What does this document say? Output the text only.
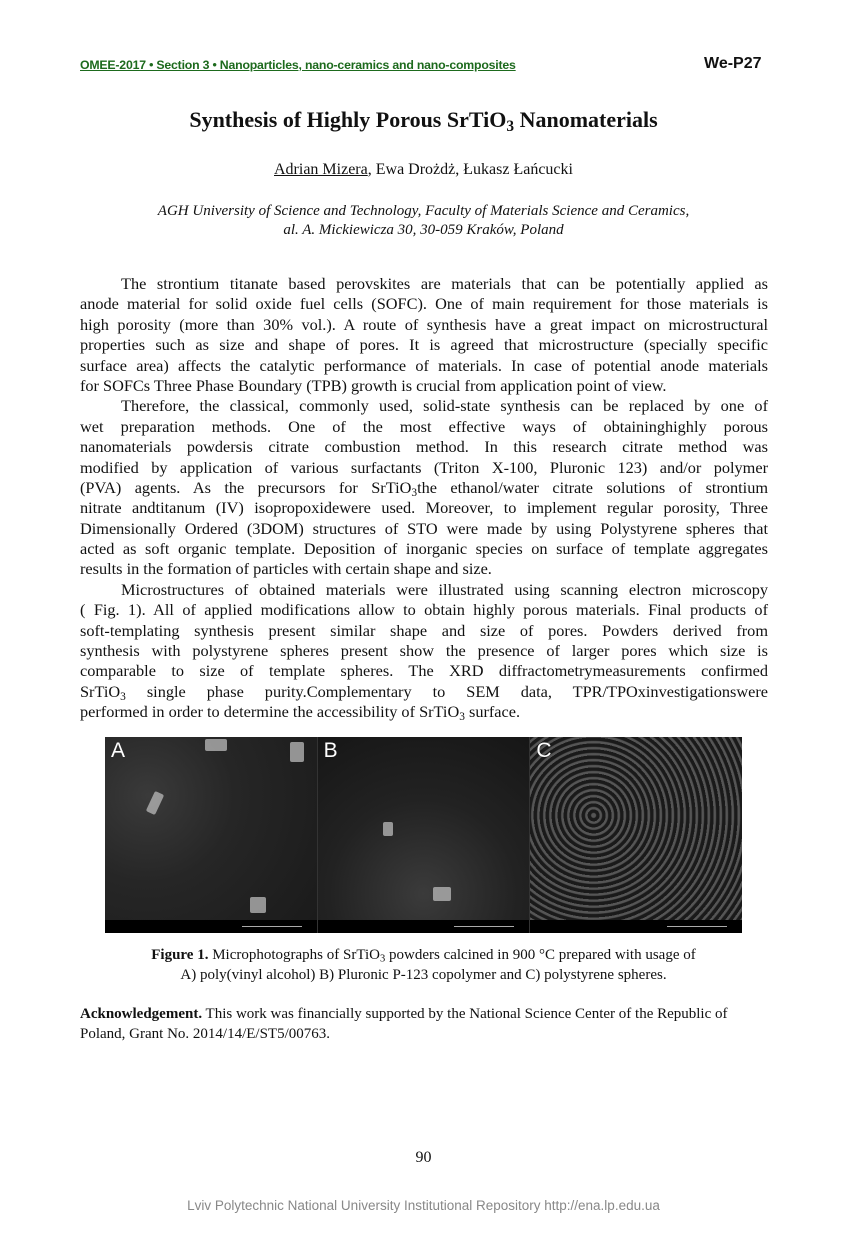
OMEE-2017 • Section 3 • Nanoparticles, nano-ceramics and nano-composites	We-P27
Synthesis of Highly Porous SrTiO$_3$ Nanomaterials
Adrian Mizera, Ewa Drożdż, Łukasz Łańcucki
AGH University of Science and Technology, Faculty of Materials Science and Ceramics,
al. A. Mickiewicza 30, 30-059 Kraków, Poland
The strontium titanate based perovskites are materials that can be potentially applied as
anode material for solid oxide fuel cells (SOFC). One of main requirement for those materials is
high porosity (more than 30% vol.). A route of synthesis have a great impact on microstructural
properties such as size and shape of pores. It is agreed that microstructure (specially specific
surface area) affects the catalytic performance of materials. In case of potential anode materials
for SOFCs Three Phase Boundary (TPB) growth is crucial from application point of view.
Therefore, the classical, commonly used, solid-state synthesis can be replaced by one of
wet preparation methods. One of the most effective ways of obtaininghighly porous
nanomaterials powdersis citrate combustion method. In this research citrate method was
modified by application of various surfactants (Triton X-100, Pluronic 123) and/or polymer
(PVA) agents. As the precursors for SrTiO$_3$the ethanol/water citrate solutions of strontium
nitrate andtitanum (IV) isopropoxidewere used. Moreover, to implement regular porosity, Three
Dimensionally Ordered (3DOM) structures of STO were made by using Polystyrene spheres that
acted as soft organic template. Deposition of inorganic species on surface of template aggregates
results in the formation of particles with certain shape and size.
Microstructures of obtained materials were illustrated using scanning electron microscopy
( Fig. 1). All of applied modifications allow to obtain highly porous materials. Final products of
soft-templating synthesis present similar shape and size of pores. Powders derived from
synthesis with polystyrene spheres present show the presence of larger pores which size is
comparable to size of template spheres. The XRD diffractometrymeasurements confirmed
SrTiO$_3$ single phase purity.Complementary to SEM data, TPR/TPOxinvestigationswere
performed in order to determine the accessibility of SrTiO$_3$ surface.
A	B	C
Figure 1. Microphotographs of SrTiO$_3$ powders calcined in 900 °C prepared with usage of
A) poly(vinyl alcohol) B) Pluronic P-123 copolymer and C) polystyrene spheres.
Acknowledgement. This work was financially supported by the National Science Center of the Republic of Poland, Grant No. 2014/14/E/ST5/00763.
90
Lviv Polytechnic National University Institutional Repository http://ena.lp.edu.ua
